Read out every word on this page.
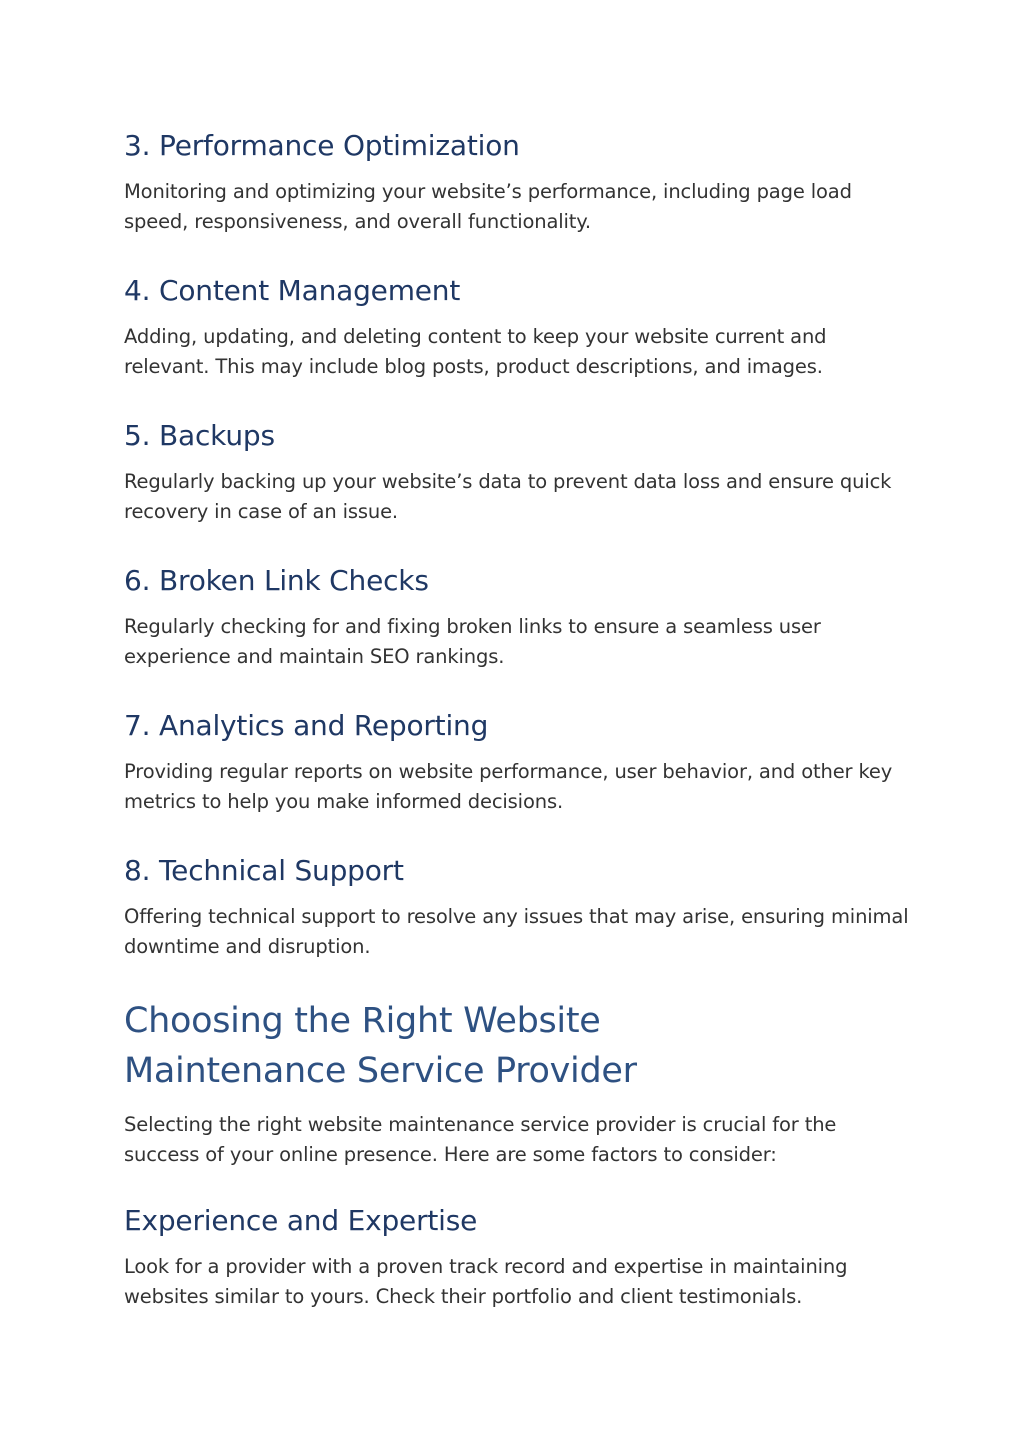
3. Performance Optimization

Monitoring and optimizing your website’s performance, including page load speed, responsiveness, and overall functionality.

4. Content Management

Adding, updating, and deleting content to keep your website current and relevant. This may include blog posts, product descriptions, and images.

5. Backups

Regularly backing up your website’s data to prevent data loss and ensure quick recovery in case of an issue.

6. Broken Link Checks

Regularly checking for and fixing broken links to ensure a seamless user experience and maintain SEO rankings.

7. Analytics and Reporting

Providing regular reports on website performance, user behavior, and other key metrics to help you make informed decisions.

8. Technical Support

Offering technical support to resolve any issues that may arise, ensuring minimal downtime and disruption.

Choosing the Right Website Maintenance Service Provider

Selecting the right website maintenance service provider is crucial for the success of your online presence. Here are some factors to consider:

Experience and Expertise

Look for a provider with a proven track record and expertise in maintaining websites similar to yours. Check their portfolio and client testimonials.
